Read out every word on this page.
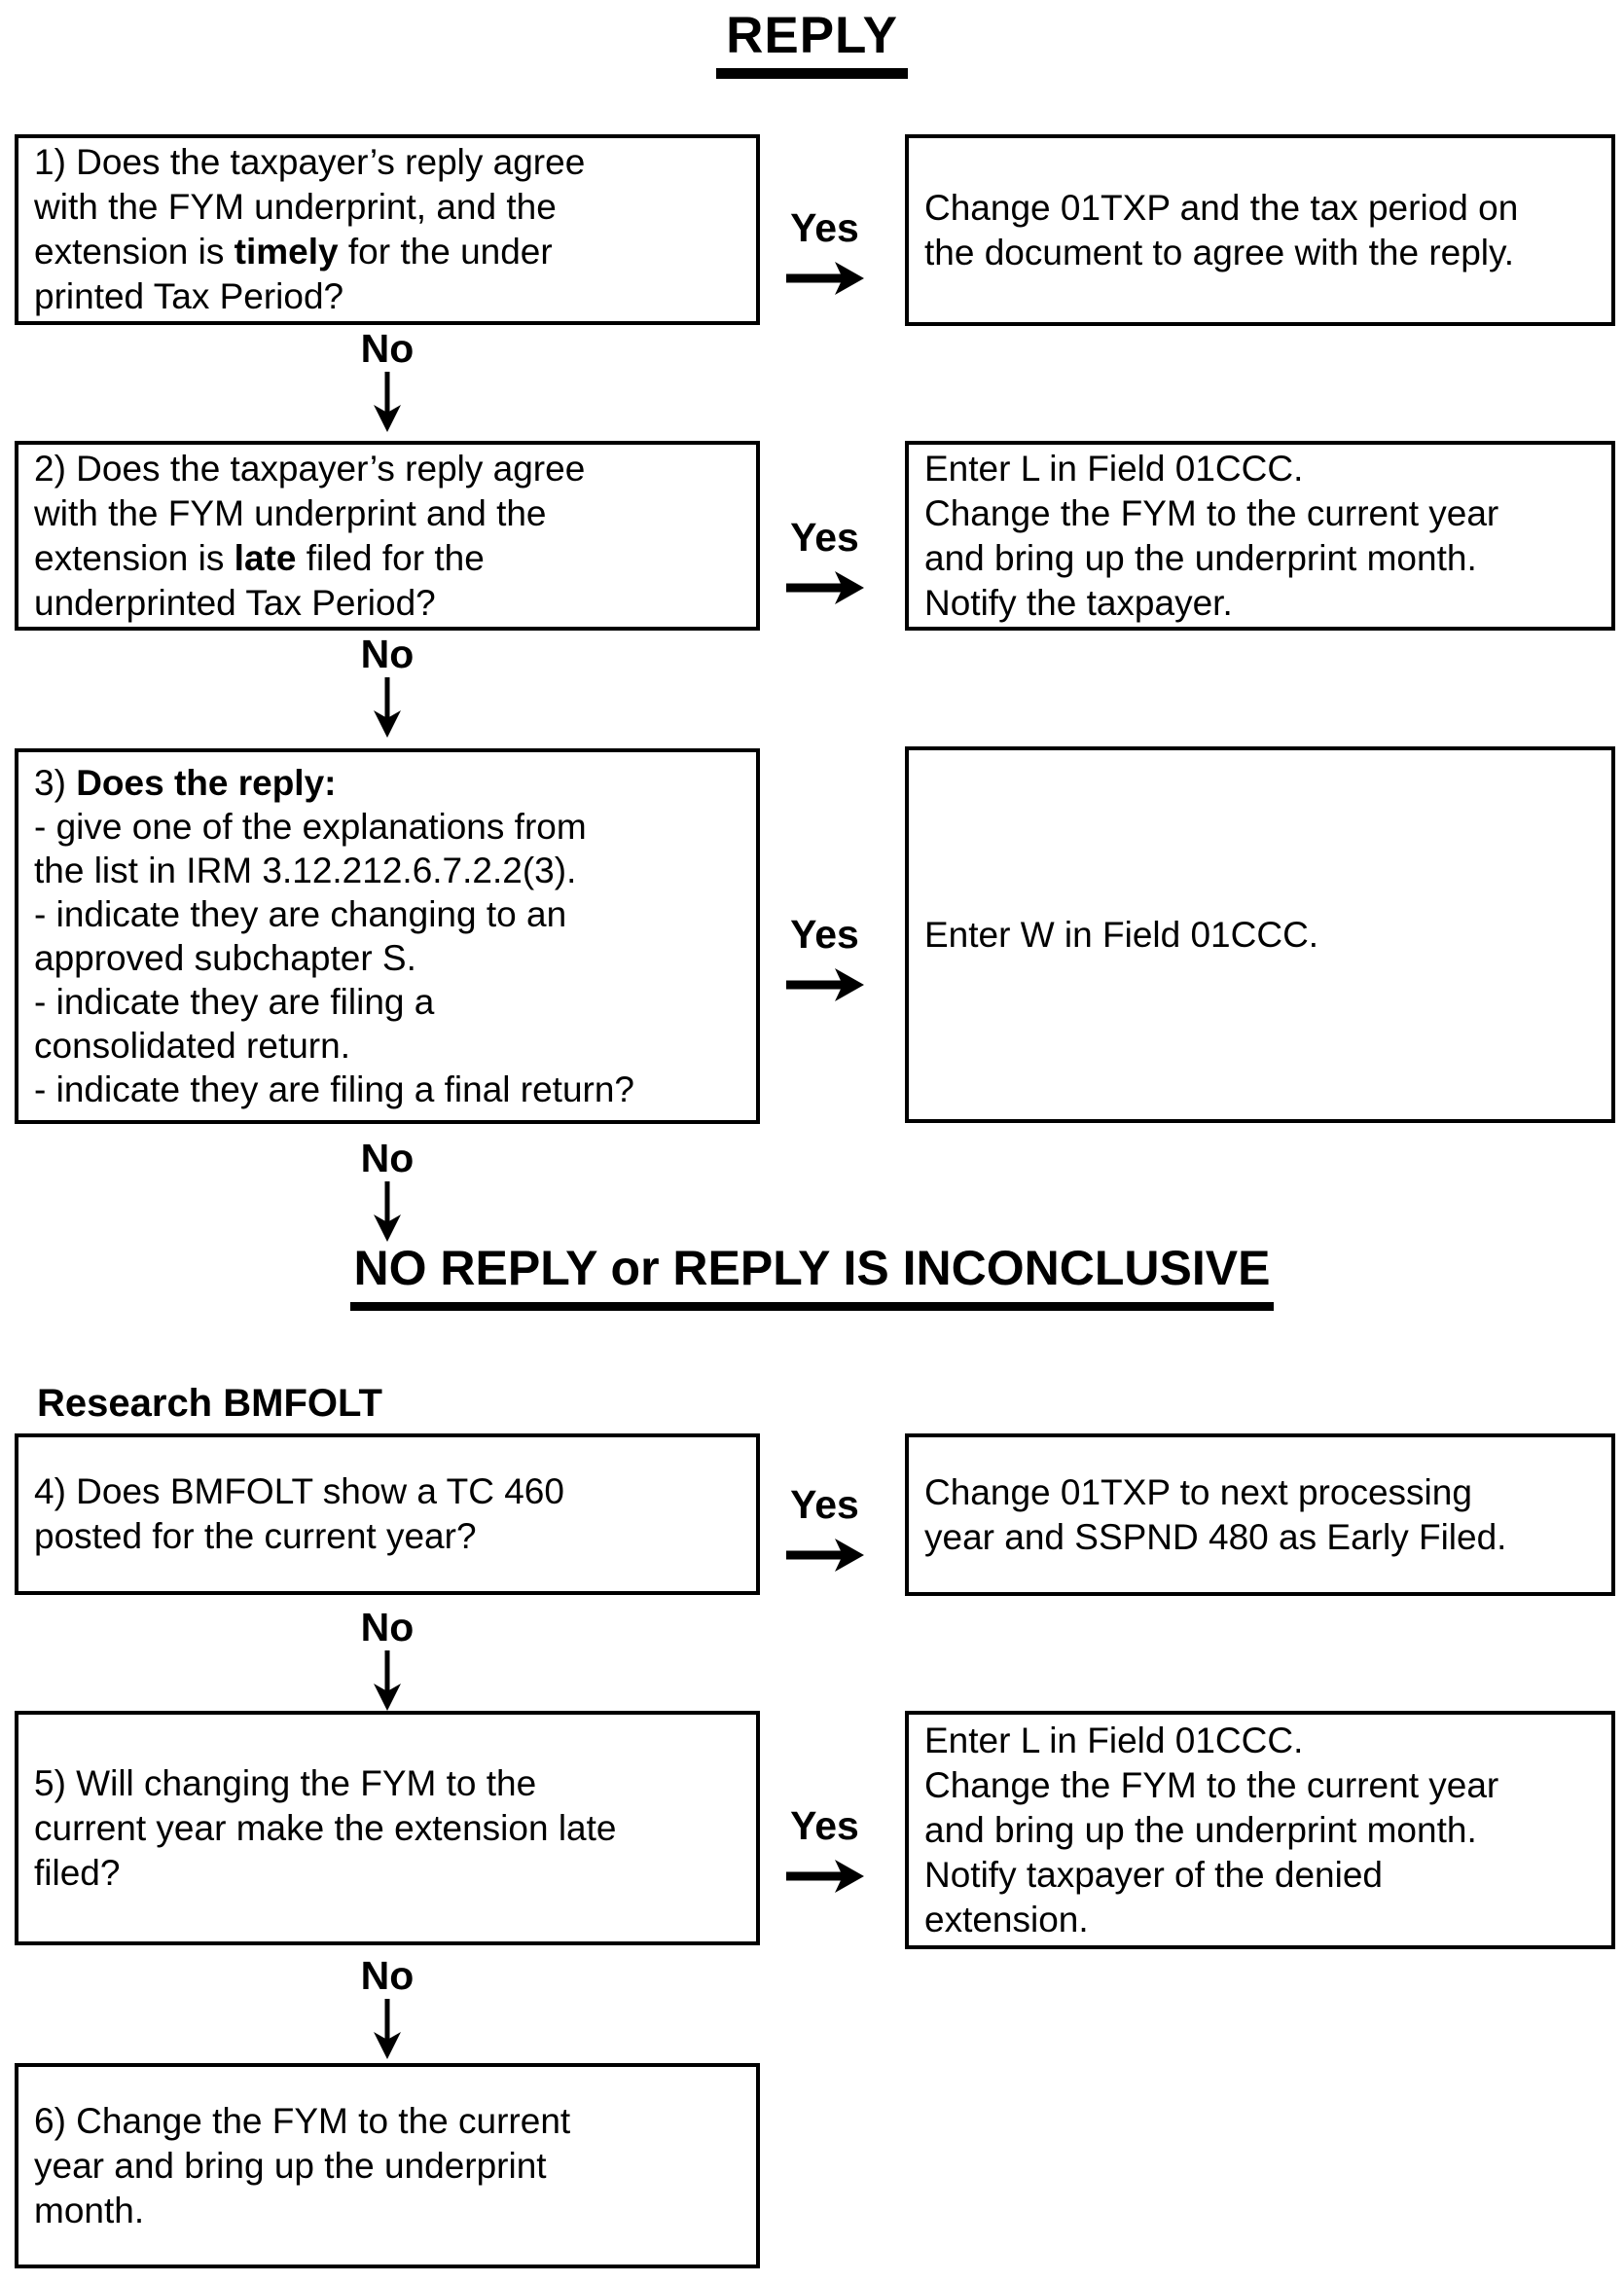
REPLY
1) Does the taxpayer’s reply agree
with the FYM underprint, and the
extension is timely for the under
printed Tax Period?
Yes	Change 01TXP and the tax period on
the document to agree with the reply.
No
2) Does the taxpayer’s reply agree
with the FYM underprint and the
extension is late filed for the
underprinted Tax Period?
Yes
Enter L in Field 01CCC.
Change the FYM to the current year
and bring up the underprint month.
Notify the taxpayer.
No
3) Does the reply:
- give one of the explanations from
the list in IRM 3.12.212.6.7.2.2(3).
- indicate they are changing to an
approved subchapter S.
- indicate they are filing a
consolidated return.
- indicate they are filing a final return?
Yes	Enter W in Field 01CCC.
No
NO REPLY or REPLY IS INCONCLUSIVE
Research BMFOLT
4) Does BMFOLT show a TC 460
posted for the current year?
Yes	Change 01TXP to next processing
year and SSPND 480 as Early Filed.
No
5) Will changing the FYM to the
current year make the extension late
filed?
Yes
Enter L in Field 01CCC.
Change the FYM to the current year
and bring up the underprint month.
Notify taxpayer of the denied
extension.
No
6) Change the FYM to the current
year and bring up the underprint
month.
